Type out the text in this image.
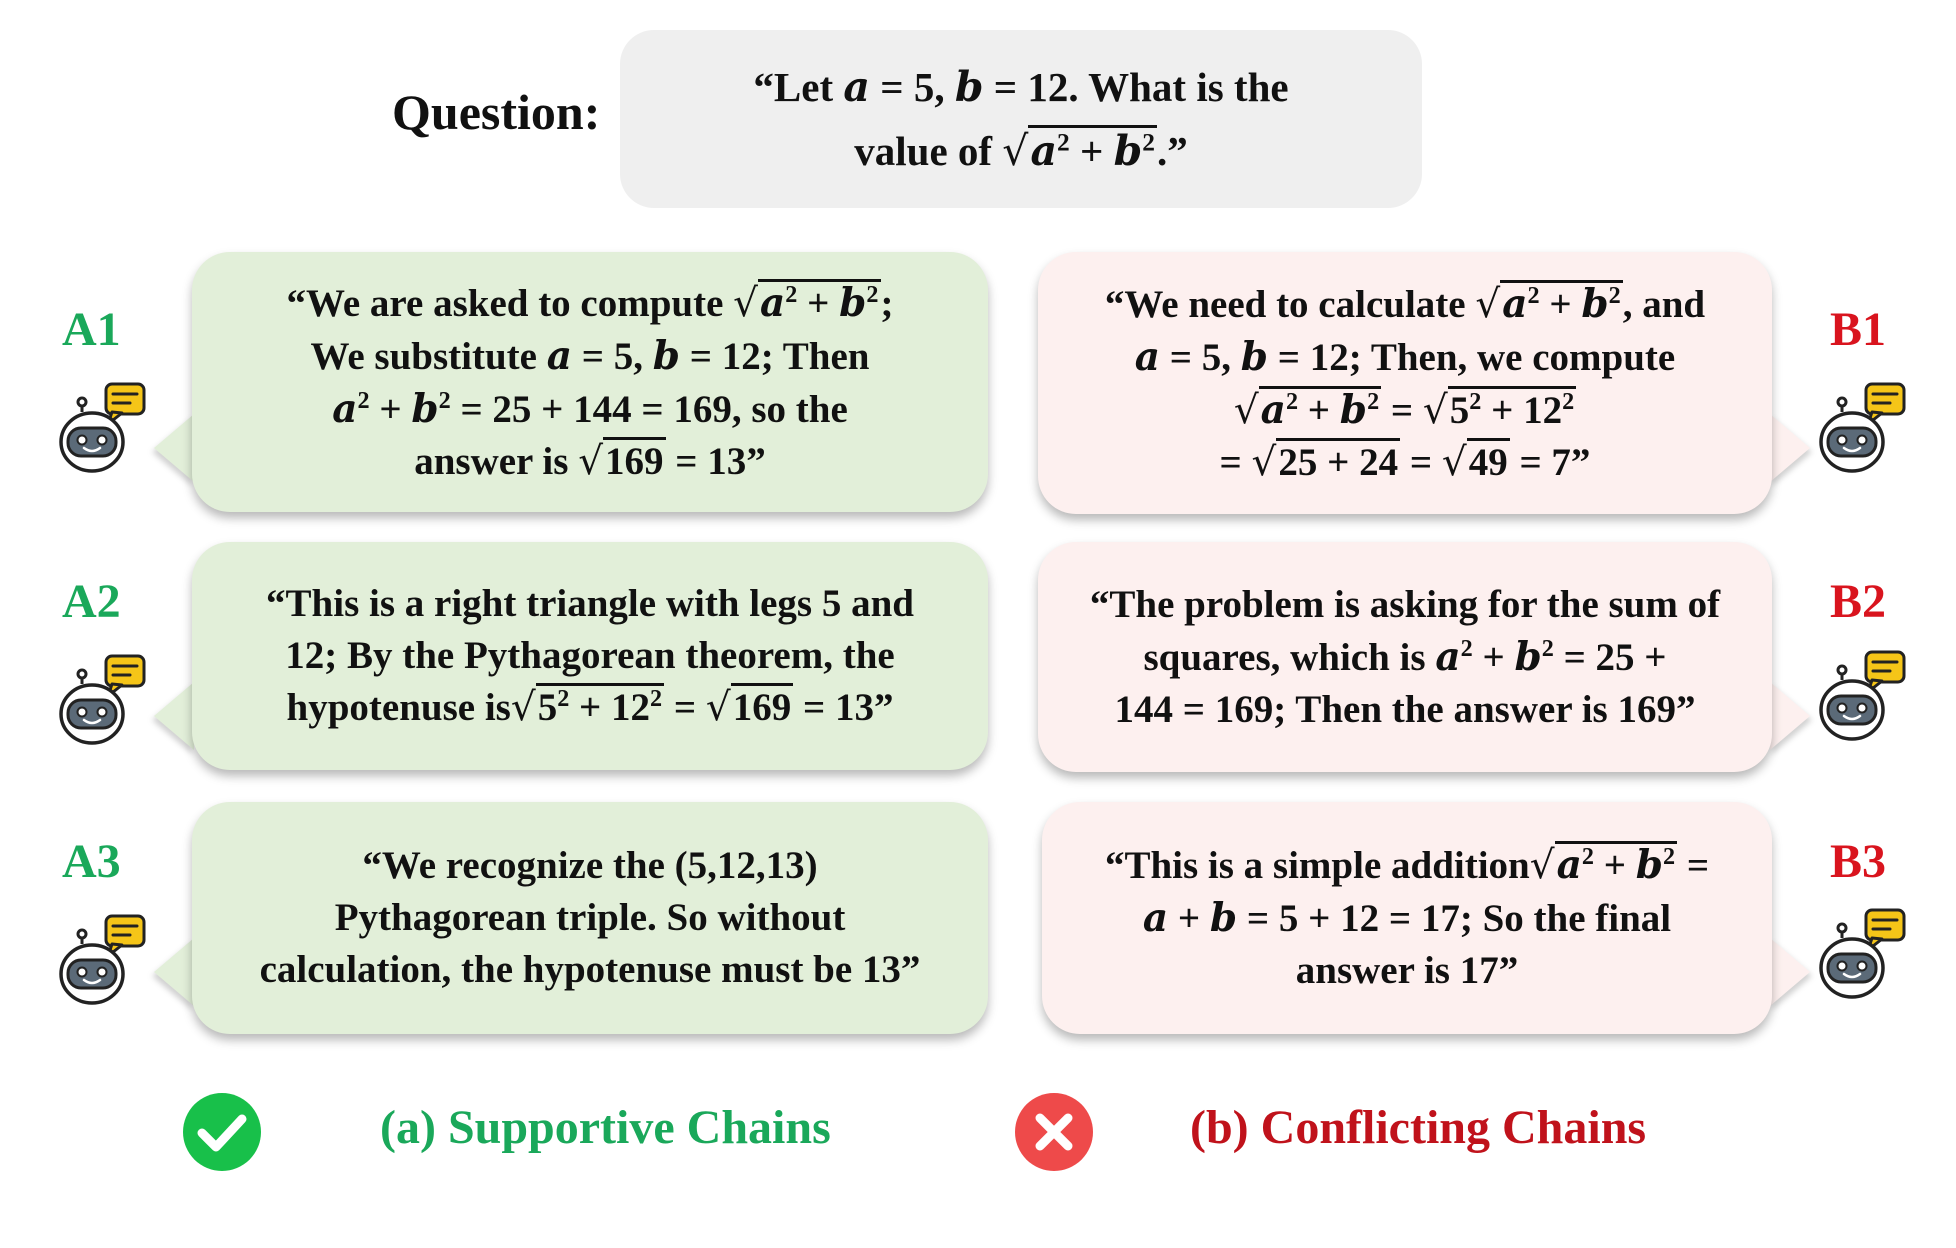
Question:	“Let a = 5, b = 12. What is the
value of $√a^2 + b^2$.”
A1	“We are asked to compute $√a^2 + b^2$;
We substitute a = 5, b = 12; Then
$a^2 + b^2 = 25 + 144 = 169$, so the
answer is √169 = 13”
A2	“This is a right triangle with legs 5 and
12; By the Pythagorean theorem, the
hypotenuse $is√5^2 + 12^2 = √169 = 13$”
A3	“We recognize the (5,12,13)
Pythagorean triple. So without
calculation, the hypotenuse must be 13”
B1
“We need to calculate $√a^2 + b^2$, and
a = 5, b = 12; Then, we compute
$√a^2 + b^2 = √5^2 + 12^2$
= √25 + 24 = √49 = 7”
B2
“The problem is asking for the sum of
squares, which is $a^2 + b^2 = 25$ +
144 = 169; Then the answer is 169”
B3
“This is a simple $addition√a^2 + b^2$ =
a + b = 5 + 12 = 17; So the final
answer is 17”
(a) Supportive Chains	(b) Conflicting Chains
